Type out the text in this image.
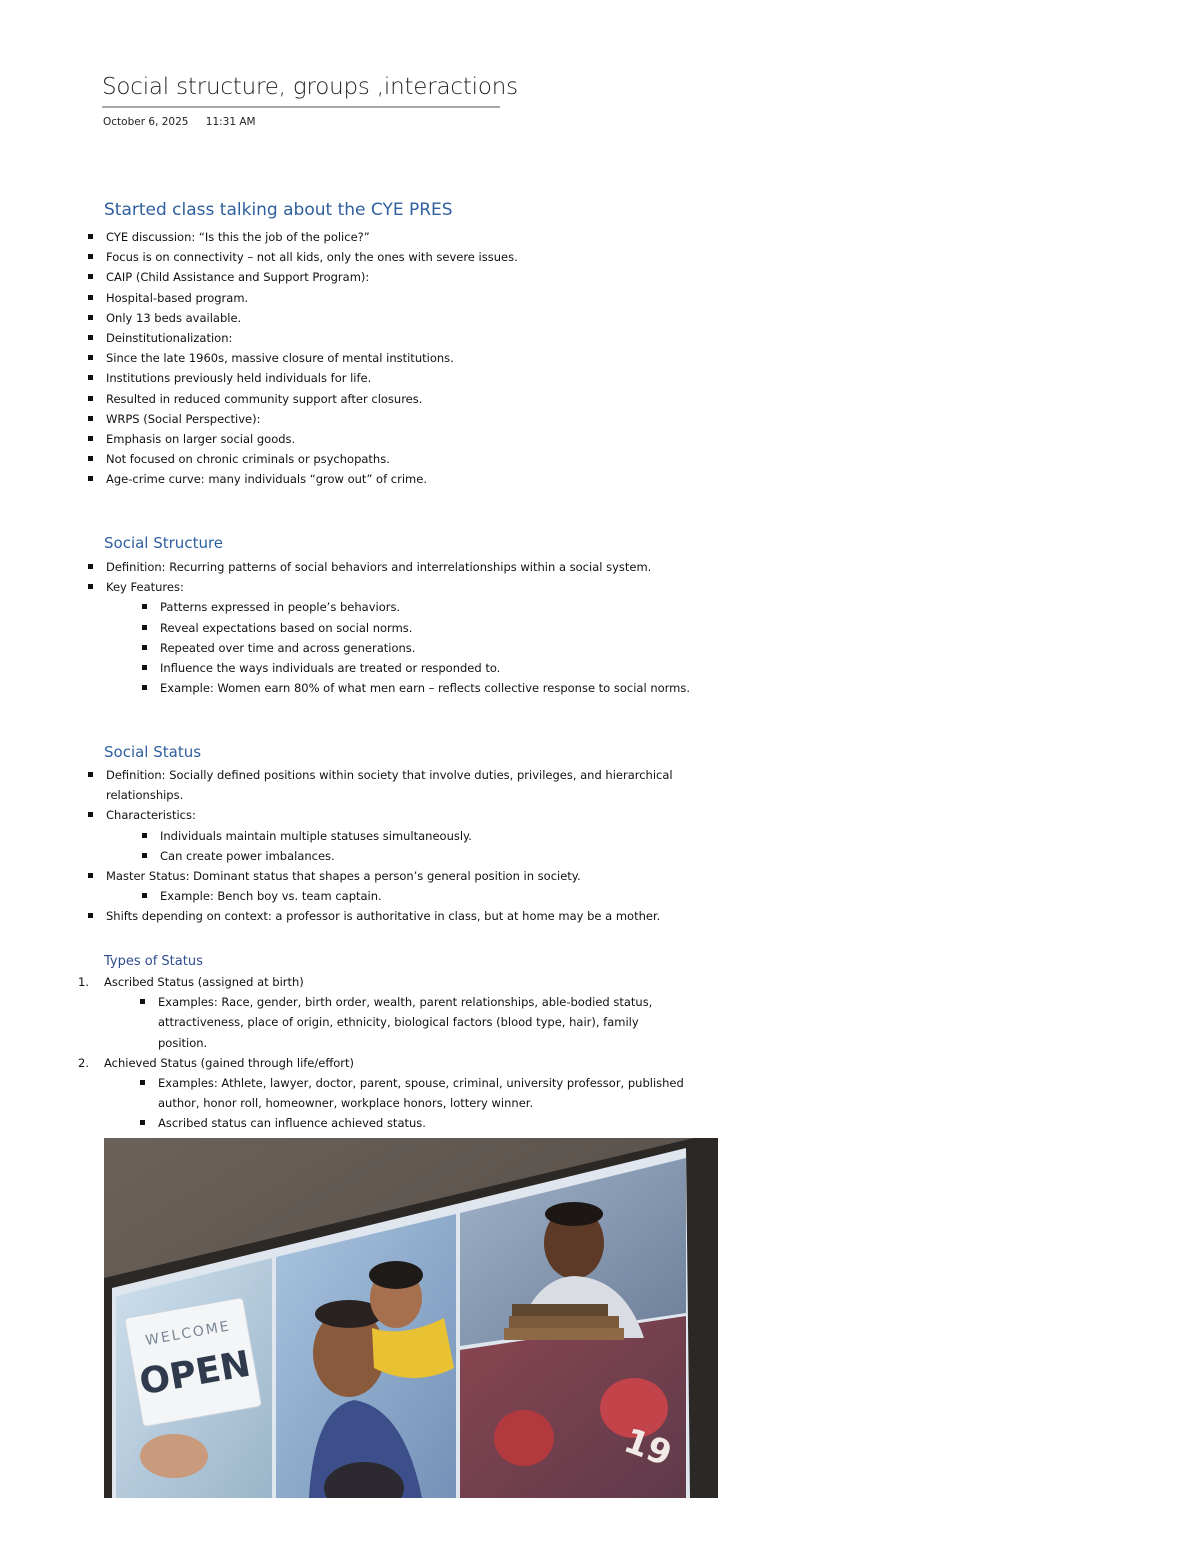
Social structure, groups ,interactions
October 6, 2025 11:31 AM
Started class talking about the CYE PRES
CYE discussion: “Is this the job of the police?”
Focus is on connectivity – not all kids, only the ones with severe issues.
CAIP (Child Assistance and Support Program):
Hospital-based program.
Only 13 beds available.
Deinstitutionalization:
Since the late 1960s, massive closure of mental institutions.
Institutions previously held individuals for life.
Resulted in reduced community support after closures.
WRPS (Social Perspective):
Emphasis on larger social goods.
Not focused on chronic criminals or psychopaths.
Age-crime curve: many individuals “grow out” of crime.
Social Structure
Definition: Recurring patterns of social behaviors and interrelationships within a social system.
Key Features:
Patterns expressed in people’s behaviors.
Reveal expectations based on social norms.
Repeated over time and across generations.
Influence the ways individuals are treated or responded to.
Example: Women earn 80% of what men earn – reflects collective response to social norms.
Social Status
Definition: Socially defined positions within society that involve duties, privileges, and hierarchical relationships.
Characteristics:
Individuals maintain multiple statuses simultaneously.
Can create power imbalances.
Master Status: Dominant status that shapes a person’s general position in society.
Example: Bench boy vs. team captain.
Shifts depending on context: a professor is authoritative in class, but at home may be a mother.
Types of Status
1. Ascribed Status (assigned at birth)
Examples: Race, gender, birth order, wealth, parent relationships, able-bodied status, attractiveness, place of origin, ethnicity, biological factors (blood type, hair), family position.
2. Achieved Status (gained through life/effort)
Examples: Athlete, lawyer, doctor, parent, spouse, criminal, university professor, published author, honor roll, homeowner, workplace honors, lottery winner.
Ascribed status can influence achieved status.
WELCOME
OPEN
19
